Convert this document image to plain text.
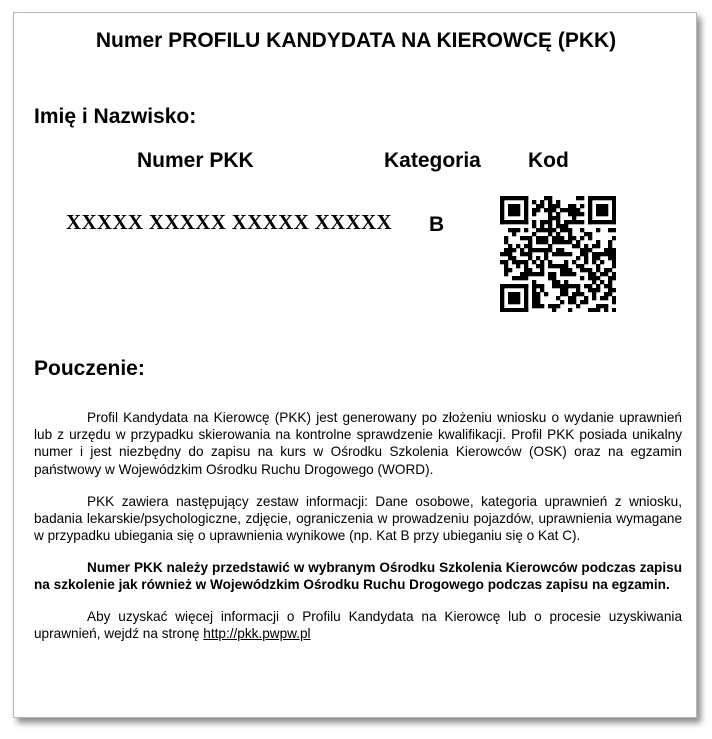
Numer PROFILU KANDYDATA NA KIEROWCĘ (PKK)
Imię i Nazwisko:
Numer PKK	Kategoria Kod
XXXXX XXXXX XXXXX XXXXX B
Pouczenie:

Profil Kandydata na Kierowcę (PKK) jest generowany po złożeniu wniosku o wydanie uprawnień lub z urzędu w przypadku skierowania na kontrolne sprawdzenie kwalifikacji. Profil PKK posiada unikalny numer i jest niezbędny do zapisu na kurs w Ośrodku Szkolenia Kierowców (OSK) oraz na egzamin państwowy w Wojewódzkim Ośrodku Ruchu Drogowego (WORD).

PKK zawiera następujący zestaw informacji: Dane osobowe, kategoria uprawnień z wniosku, badania lekarskie/psychologiczne, zdjęcie, ograniczenia w prowadzeniu pojazdów, uprawnienia wymagane w przypadku ubiegania się o uprawnienia wynikowe (np. Kat B przy ubieganiu się o Kat C).

Numer PKK należy przedstawić w wybranym Ośrodku Szkolenia Kierowców podczas zapisu na szkolenie jak również w Wojewódzkim Ośrodku Ruchu Drogowego podczas zapisu na egzamin.

Aby uzyskać więcej informacji o Profilu Kandydata na Kierowcę lub o procesie uzyskiwania uprawnień, wejdź na stronę http://pkk.pwpw.pl
